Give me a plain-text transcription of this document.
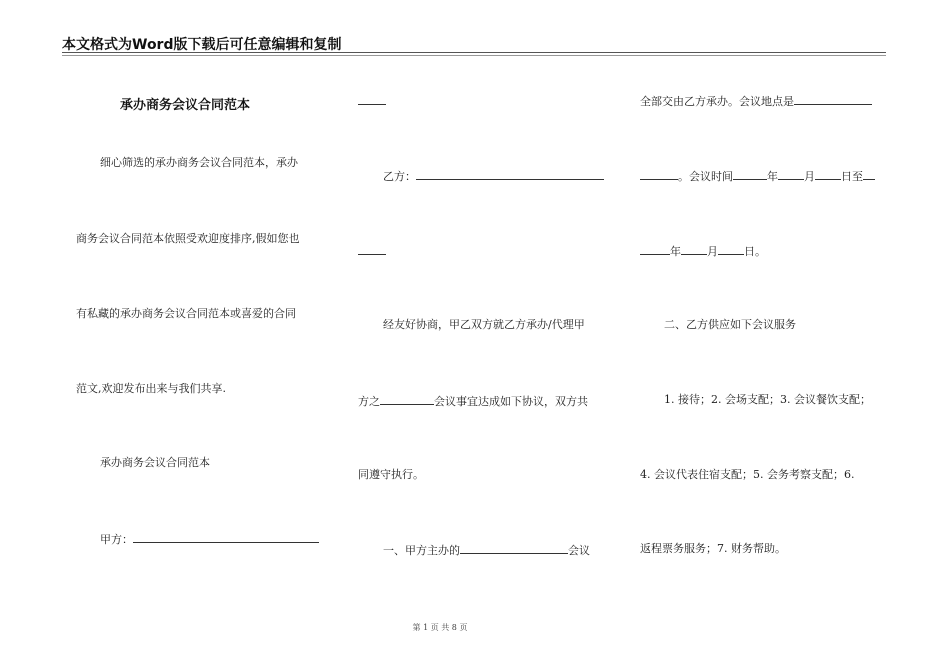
本文格式为Word版下载后可任意编辑和复制
承办商务会议合同范本
细心筛选的承办商务会议合同范本，承办
商务会议合同范本依照受欢迎度排序,假如您也
有私藏的承办商务会议合同范本或喜爱的合同
范文,欢迎发布出来与我们共享.
承办商务会议合同范本
甲方：
乙方：
经友好协商，甲乙双方就乙方承办/代理甲
方之	会议事宜达成如下协议，双方共
同遵守执行。
一、甲方主办的	会议
全部交由乙方承办。会议地点是
。会议时间	年 月 日至
年 月 日。
二、乙方供应如下会议服务
1. 接待；2. 会场支配；3. 会议餐饮支配；
4. 会议代表住宿支配；5. 会务考察支配；6.
返程票务服务；7. 财务帮助。
第 1 页 共 8 页
